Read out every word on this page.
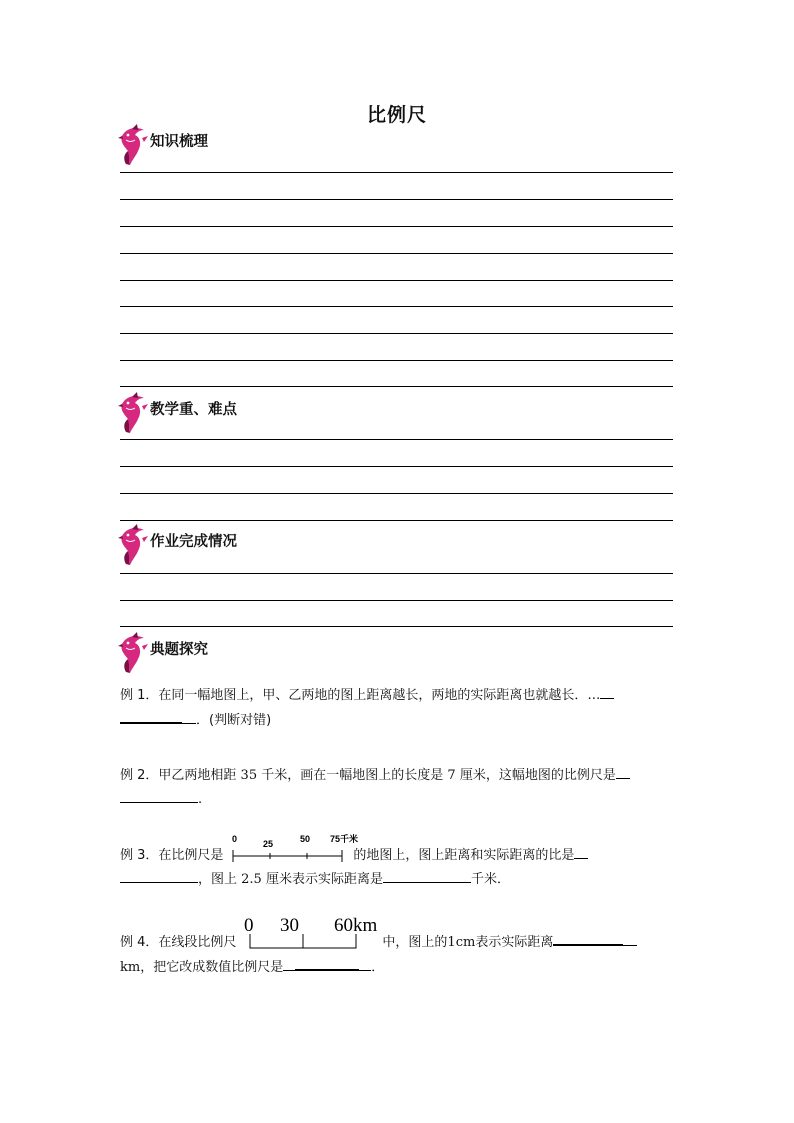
比例尺
知识梳理
教学重、难点
作业完成情况
典题探究
例 1．在同一幅地图上，甲、乙两地的图上距离越长，两地的实际距离也就越长．…
．(判断对错)
例 2．甲乙两地相距 35 千米，画在一幅地图上的长度是 7 厘米，这幅地图的比例尺是
.
例 3．在比例尺是	的地图上，图上距离和实际距离的比是
，图上 2.5 厘米表示实际距离是	千米．
0	25	50 75千米
例 4．在线段比例尺	中，图上的1cm表示实际距离
km，把它改成数值比例尺是	．
0 30 60km
